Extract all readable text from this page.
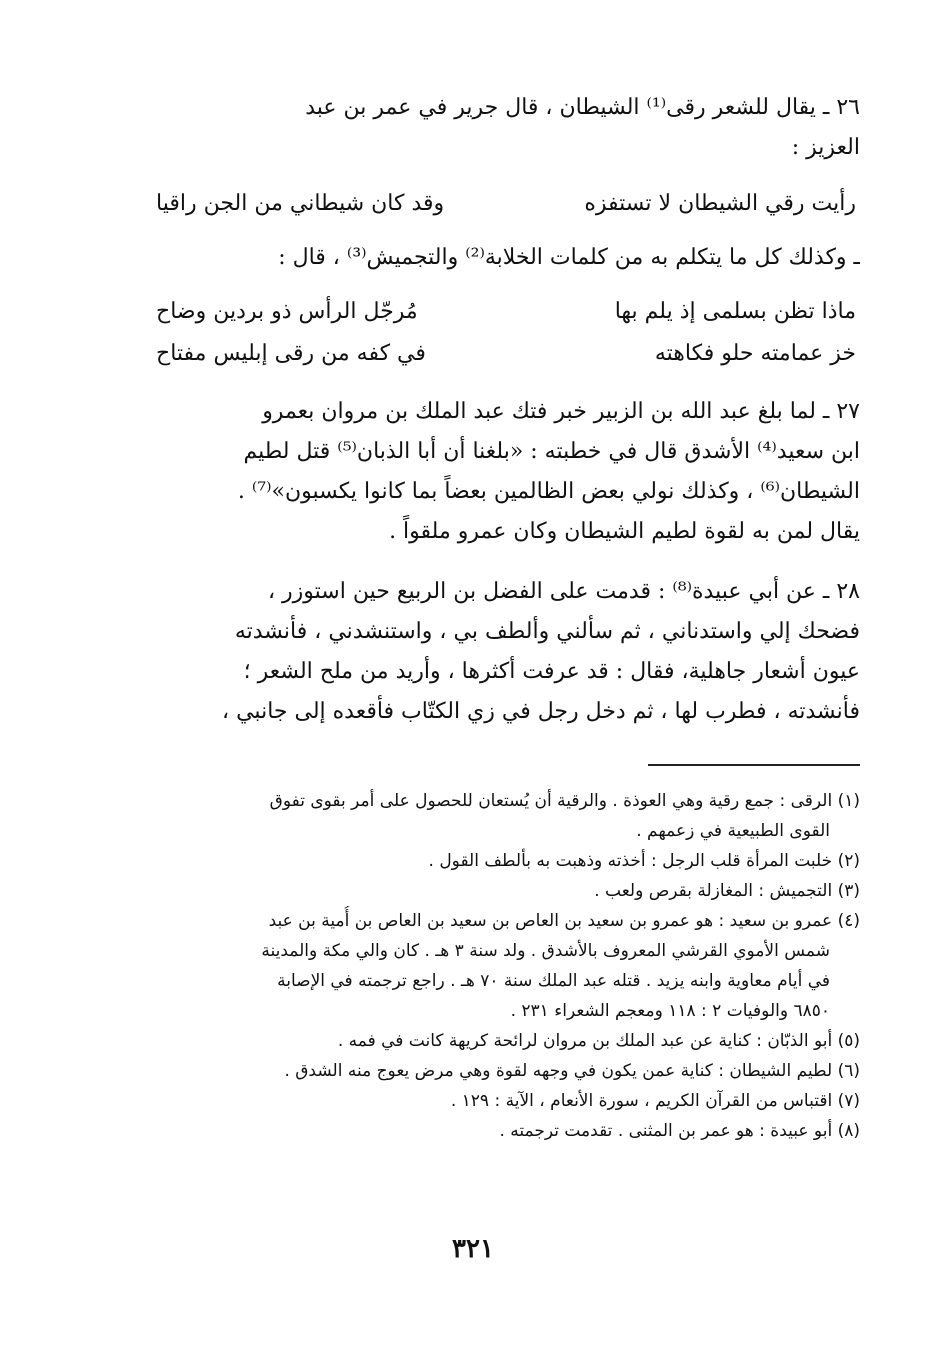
٢٦ ـ يقال للشعر رقى⁽¹⁾ الشيطان ، قال جرير في عمر بن عبد
العزيز :
رأيت رقي الشيطان لا تستفزه
وقد كان شيطاني من الجن راقيا
ـ وكذلك كل ما يتكلم به من كلمات الخلابة⁽²⁾ والتجميش⁽³⁾ ، قال :
ماذا تظن بسلمى إذ يلم بها
مُرجّل الرأس ذو بردين وضاح
خز عمامته حلو فكاهته
في كفه من رقى إبليس مفتاح
٢٧ ـ لما بلغ عبد الله بن الزبير خبر فتك عبد الملك بن مروان بعمرو
ابن سعيد⁽⁴⁾ الأشدق قال في خطبته : «بلغنا أن أبا الذبان⁽⁵⁾ قتل لطيم
الشيطان⁽⁶⁾ ، وكذلك نولي بعض الظالمين بعضاً بما كانوا يكسبون»⁽⁷⁾ .
يقال لمن به لقوة لطيم الشيطان وكان عمرو ملقواً .
٢٨ ـ عن أبي عبيدة⁽⁸⁾ : قدمت على الفضل بن الربيع حين استوزر ،
فضحك إلي واستدناني ، ثم سألني وألطف بي ، واستنشدني ، فأنشدته
عيون أشعار جاهلية، فقال : قد عرفت أكثرها ، وأريد من ملح الشعر ؛
فأنشدته ، فطرب لها ، ثم دخل رجل في زي الكتّاب فأقعده إلى جانبي ،
(١) الرقى : جمع رقية وهي العوذة . والرقية أن يُستعان للحصول على أمر بقوى تفوق
القوى الطبيعية في زعمهم .
(٢) خلبت المرأة قلب الرجل : أخذته وذهبت به بألطف القول .
(٣) التجميش : المغازلة بقرص ولعب .
(٤) عمرو بن سعيد : هو عمرو بن سعيد بن العاص بن سعيد بن العاص بن أُمية بن عبد
شمس الأموي القرشي المعروف بالأشدق . ولد سنة ٣ هـ . كان والي مكة والمدينة
في أيام معاوية وابنه يزيد . قتله عبد الملك سنة ٧٠ هـ . راجع ترجمته في الإصابة
٦٨٥٠ والوفيات ٢ : ١١٨ ومعجم الشعراء ٢٣١ .
(٥) أبو الذبّان : كناية عن عبد الملك بن مروان لرائحة كريهة كانت في فمه .
(٦) لطيم الشيطان : كناية عمن يكون في وجهه لقوة وهي مرض يعوج منه الشدق .
(٧) اقتباس من القرآن الكريم ، سورة الأنعام ، الآية : ١٢٩ .
(٨) أبو عبيدة : هو عمر بن المثنى . تقدمت ترجمته .
٣٢١
